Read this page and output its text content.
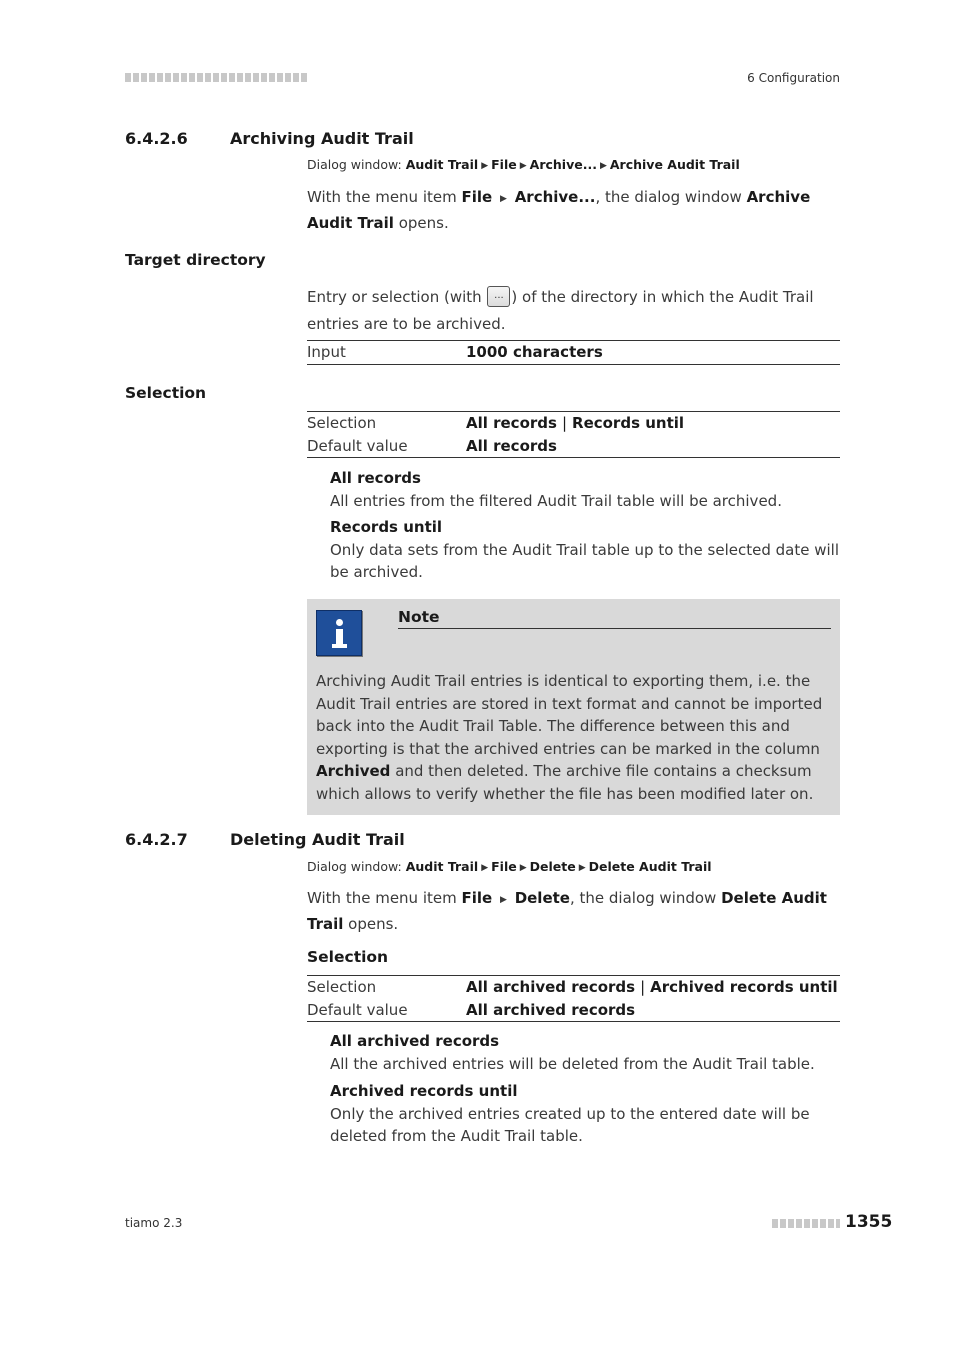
6 Configuration
6.4.2.6	Archiving Audit Trail
Dialog window: Audit Trail ▶ File ▶ Archive... ▶ Archive Audit Trail
With the menu item File ▶ Archive..., the dialog window Archive Audit Trail opens.
Target directory
Entry or selection (with ... ) of the directory in which the Audit Trail entries are to be archived.
Input	1000 characters
Selection
Selection	All records | Records until
Default value	All records
All records
All entries from the filtered Audit Trail table will be archived.
Records until
Only data sets from the Audit Trail table up to the selected date will be archived.
Note
Archiving Audit Trail entries is identical to exporting them, i.e. the Audit Trail entries are stored in text format and cannot be imported back into the Audit Trail Table. The difference between this and exporting is that the archived entries can be marked in the column Archived and then deleted. The archive file contains a checksum which allows to verify whether the file has been modified later on.
6.4.2.7	Deleting Audit Trail
Dialog window: Audit Trail ▶ File ▶ Delete ▶ Delete Audit Trail
With the menu item File ▶ Delete, the dialog window Delete Audit Trail opens.
Selection
Selection	All archived records | Archived records until
Default value	All archived records
All archived records
All the archived entries will be deleted from the Audit Trail table.
Archived records until
Only the archived entries created up to the entered date will be deleted from the Audit Trail table.
tiamo 2.3	1355
